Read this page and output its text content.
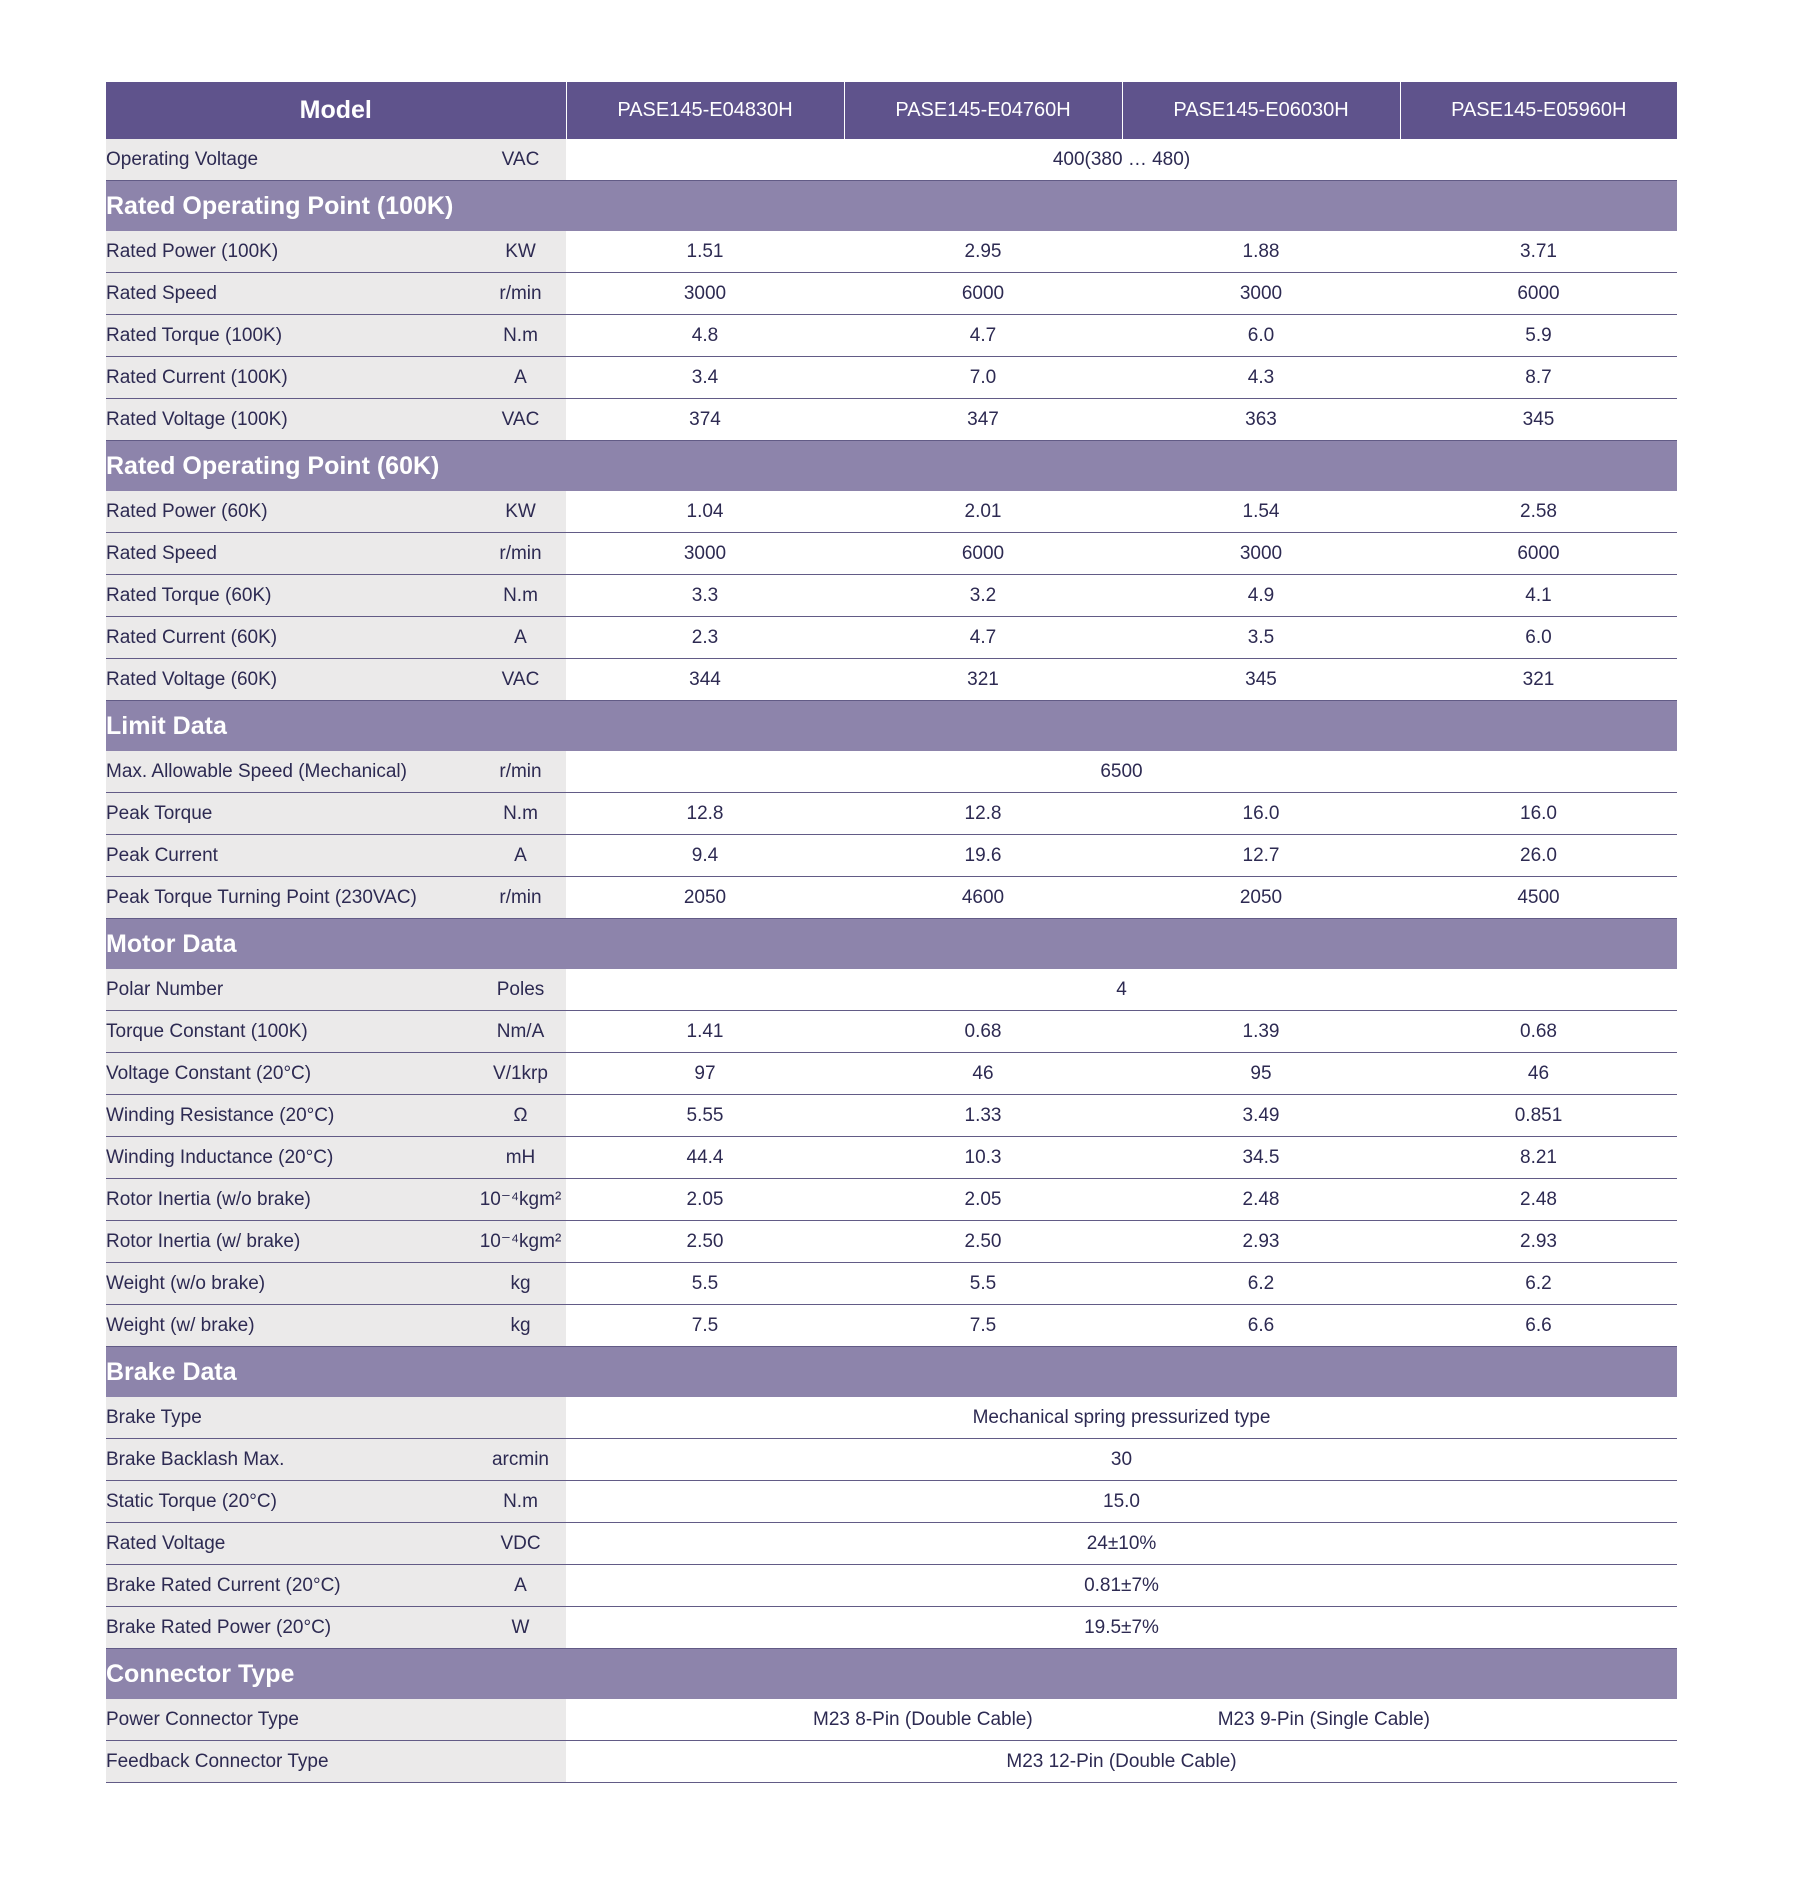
Model		PASE145-E04830H	PASE145-E04760H	PASE145-E06030H	PASE145-E05960H
Operating Voltage	VAC	400(380 … 480)			
Rated Operating Point (100K)					
Rated Power (100K)	KW	1.51	2.95	1.88	3.71
Rated Speed	r/min	3000	6000	3000	6000
Rated Torque (100K)	N.m	4.8	4.7	6.0	5.9
Rated Current (100K)	A	3.4	7.0	4.3	8.7
Rated Voltage (100K)	VAC	374	347	363	345
Rated Operating Point (60K)					
Rated Power (60K)	KW	1.04	2.01	1.54	2.58
Rated Speed	r/min	3000	6000	3000	6000
Rated Torque (60K)	N.m	3.3	3.2	4.9	4.1
Rated Current (60K)	A	2.3	4.7	3.5	6.0
Rated Voltage (60K)	VAC	344	321	345	321
Limit Data					
Max. Allowable Speed (Mechanical)	r/min	6500			
Peak Torque	N.m	12.8	12.8	16.0	16.0
Peak Current	A	9.4	19.6	12.7	26.0
Peak Torque Turning Point (230VAC)	r/min	2050	4600	2050	4500
Motor Data					
Polar Number	Poles	4			
Torque Constant (100K)	Nm/A	1.41	0.68	1.39	0.68
Voltage Constant (20°C)	V/1krp	97	46	95	46
Winding Resistance (20°C)	Ω	5.55	1.33	3.49	0.851
Winding Inductance (20°C)	mH	44.4	10.3	34.5	8.21
Rotor Inertia (w/o brake)	10⁻⁴kgm²	2.05	2.05	2.48	2.48
Rotor Inertia (w/ brake)	10⁻⁴kgm²	2.50	2.50	2.93	2.93
Weight (w/o brake)	kg	5.5	5.5	6.2	6.2
Weight (w/ brake)	kg	7.5	7.5	6.6	6.6
Brake Data					
Brake Type		Mechanical spring pressurized type			
Brake Backlash Max.	arcmin	30			
Static Torque (20°C)	N.m	15.0			
Rated Voltage	VDC	24±10%			
Brake Rated Current (20°C)	A	0.81±7%			
Brake Rated Power (20°C)	W	19.5±7%			
Connector Type					
Power Connector Type		M23 8-Pin (Double Cable) M23 9-Pin (Single Cable)			

Feedback Connector Type		M23 12-Pin (Double Cable)			
